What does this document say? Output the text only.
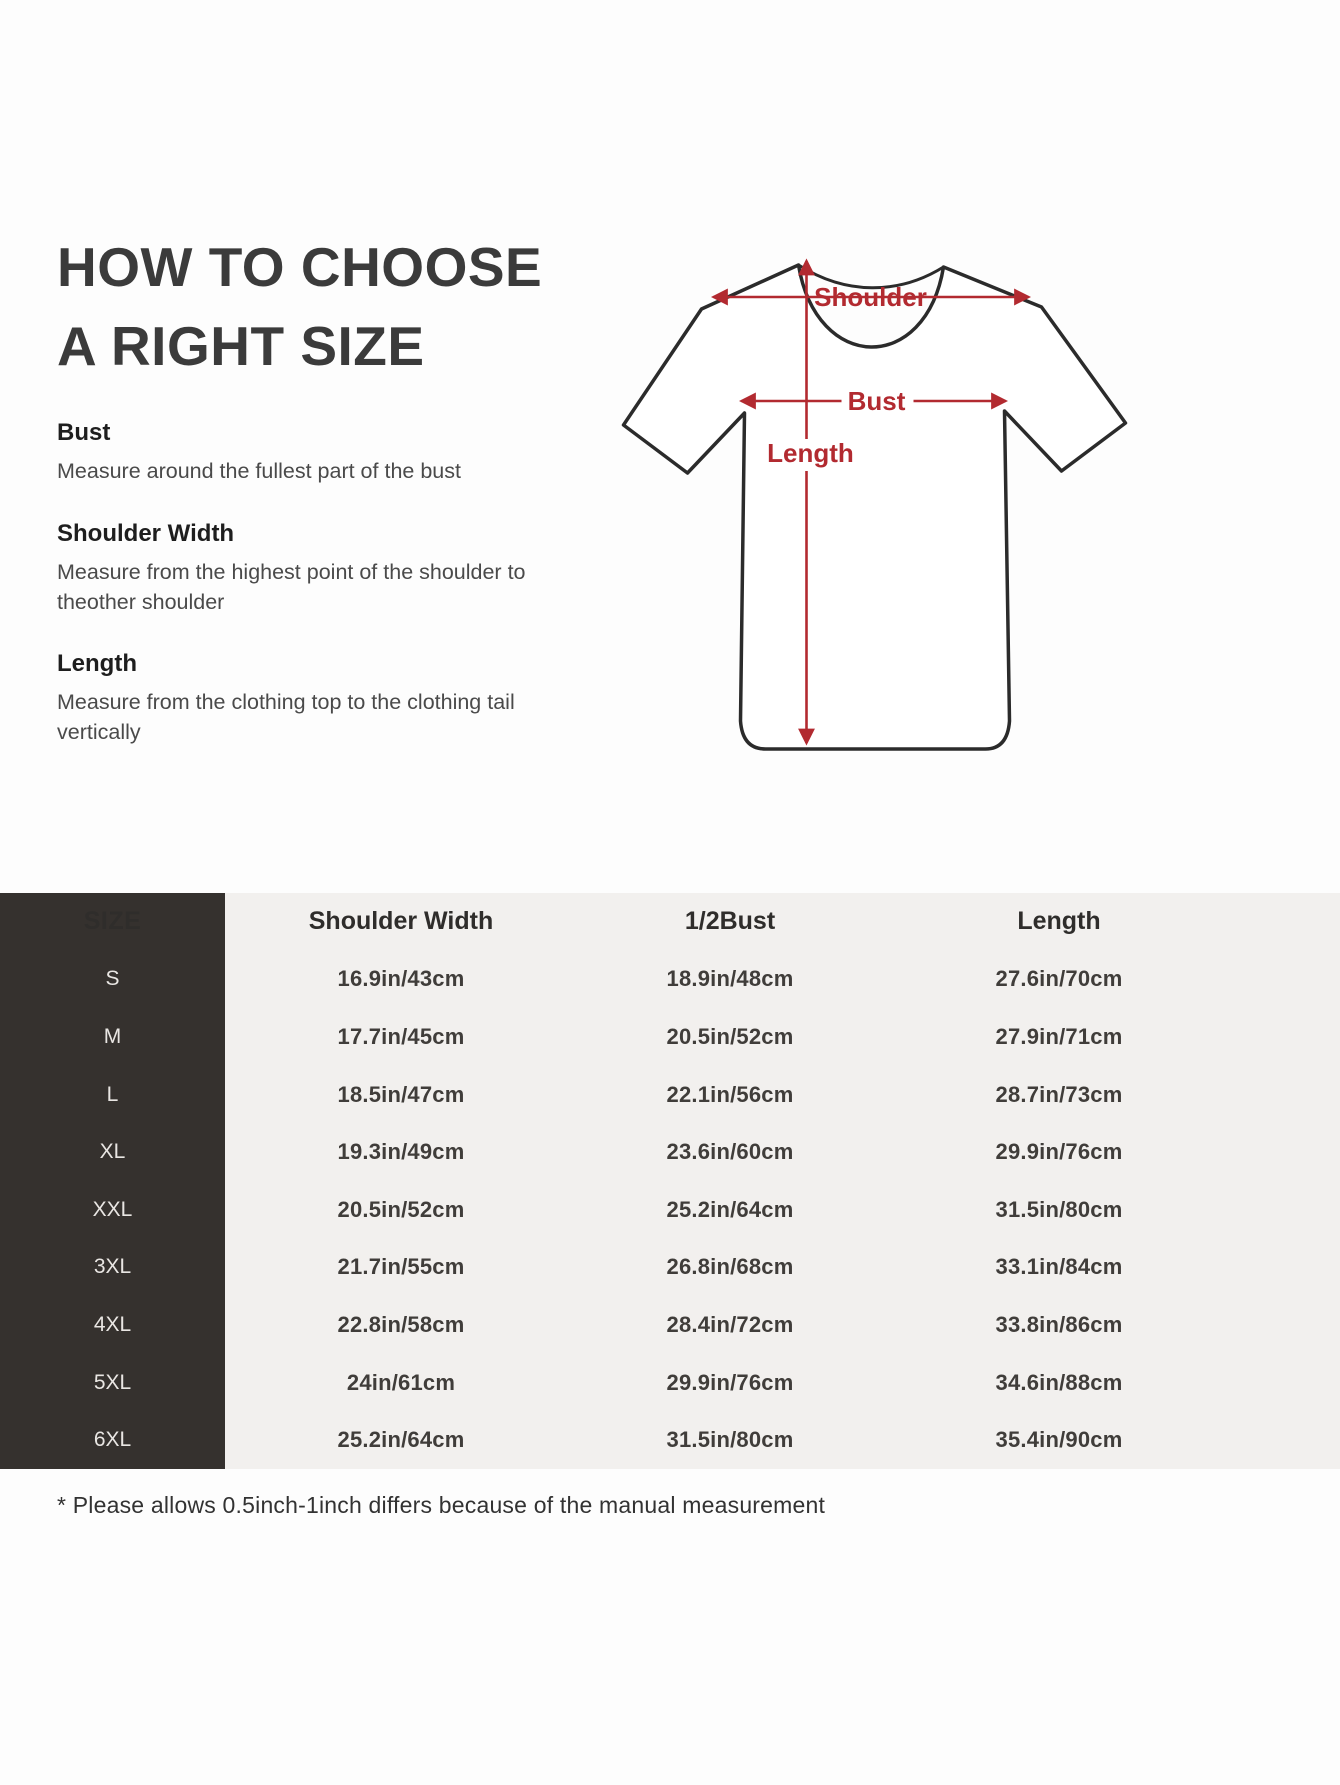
HOW TO CHOOSE
A RIGHT SIZE
Bust
Measure around the fullest part of the bust
Shoulder Width
Measure from the highest point of the shoulder to theother shoulder
Length
Measure from the clothing top to the clothing tail vertically
Shoulder
Bust
Length
SIZE	Shoulder Width	1/2Bust	Length
S	16.9in/43cm	18.9in/48cm	27.6in/70cm
M	17.7in/45cm	20.5in/52cm	27.9in/71cm
L	18.5in/47cm	22.1in/56cm	28.7in/73cm
XL	19.3in/49cm	23.6in/60cm	29.9in/76cm
XXL	20.5in/52cm	25.2in/64cm	31.5in/80cm
3XL	21.7in/55cm	26.8in/68cm	33.1in/84cm
4XL	22.8in/58cm	28.4in/72cm	33.8in/86cm
5XL	24in/61cm	29.9in/76cm	34.6in/88cm
6XL	25.2in/64cm	31.5in/80cm	35.4in/90cm
* Please allows 0.5inch-1inch differs because of the manual measurement
